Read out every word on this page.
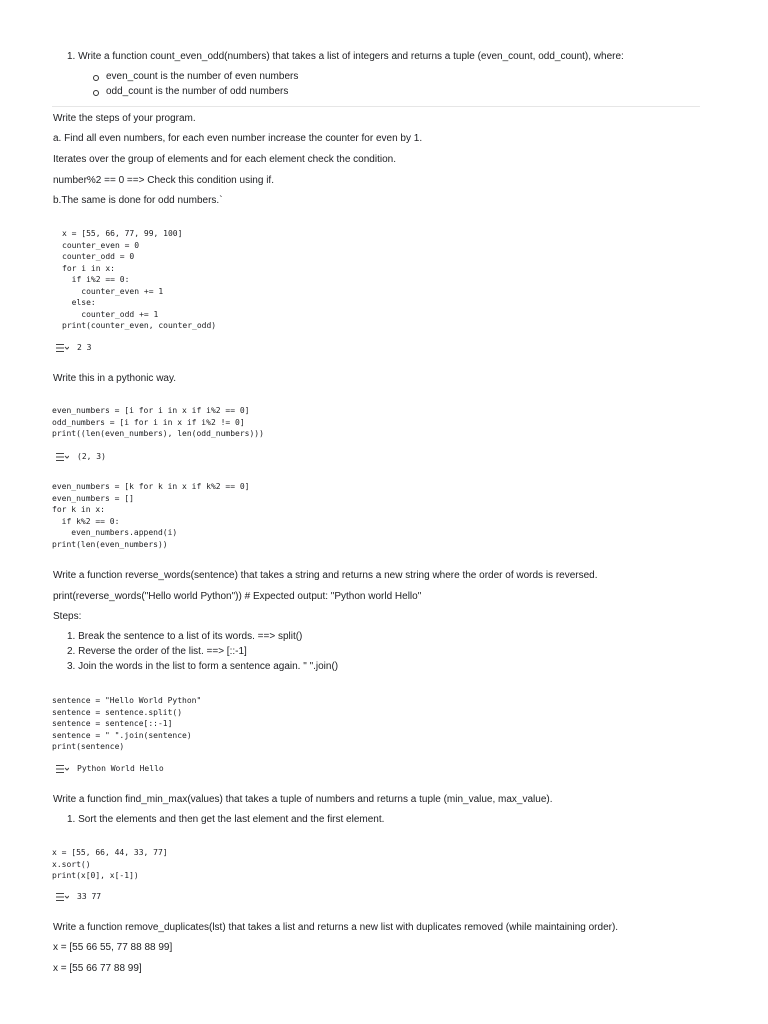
1. Write a function count_even_odd(numbers) that takes a list of integers and returns a tuple (even_count, odd_count), where:
even_count is the number of even numbers
odd_count is the number of odd numbers
Write the steps of your program.
a. Find all even numbers, for each even number increase the counter for even by 1.
Iterates over the group of elements and for each element check the condition.
number%2 == 0 ==> Check this condition using if.
b.The same is done for odd numbers.`
x = [55, 66, 77, 99, 100]
counter_even = 0
counter_odd = 0
for i in x:
if i%2 == 0:
counter_even += 1
else:
counter_odd += 1
print(counter_even, counter_odd)
2 3
Write this in a pythonic way.
even_numbers = [i for i in x if i%2 == 0]
odd_numbers = [i for i in x if i%2 != 0]
print((len(even_numbers), len(odd_numbers)))
(2, 3)
even_numbers = [k for k in x if k%2 == 0]
even_numbers = []
for k in x:
if k%2 == 0:
even_numbers.append(i)
print(len(even_numbers))
Write a function reverse_words(sentence) that takes a string and returns a new string where the order of words is reversed.
print(reverse_words("Hello world Python")) # Expected output: "Python world Hello"
Steps:
1. Break the sentence to a list of its words. ==> split()
2. Reverse the order of the list. ==> [::-1]
3. Join the words in the list to form a sentence again. " ".join()
sentence = "Hello World Python"
sentence = sentence.split()
sentence = sentence[::-1]
sentence = " ".join(sentence)
print(sentence)
Python World Hello
Write a function find_min_max(values) that takes a tuple of numbers and returns a tuple (min_value, max_value).
1. Sort the elements and then get the last element and the first element.
x = [55, 66, 44, 33, 77]
x.sort()
print(x[0], x[-1])
33 77
Write a function remove_duplicates(lst) that takes a list and returns a new list with duplicates removed (while maintaining order).
x = [55 66 55, 77 88 88 99]
x = [55 66 77 88 99]
